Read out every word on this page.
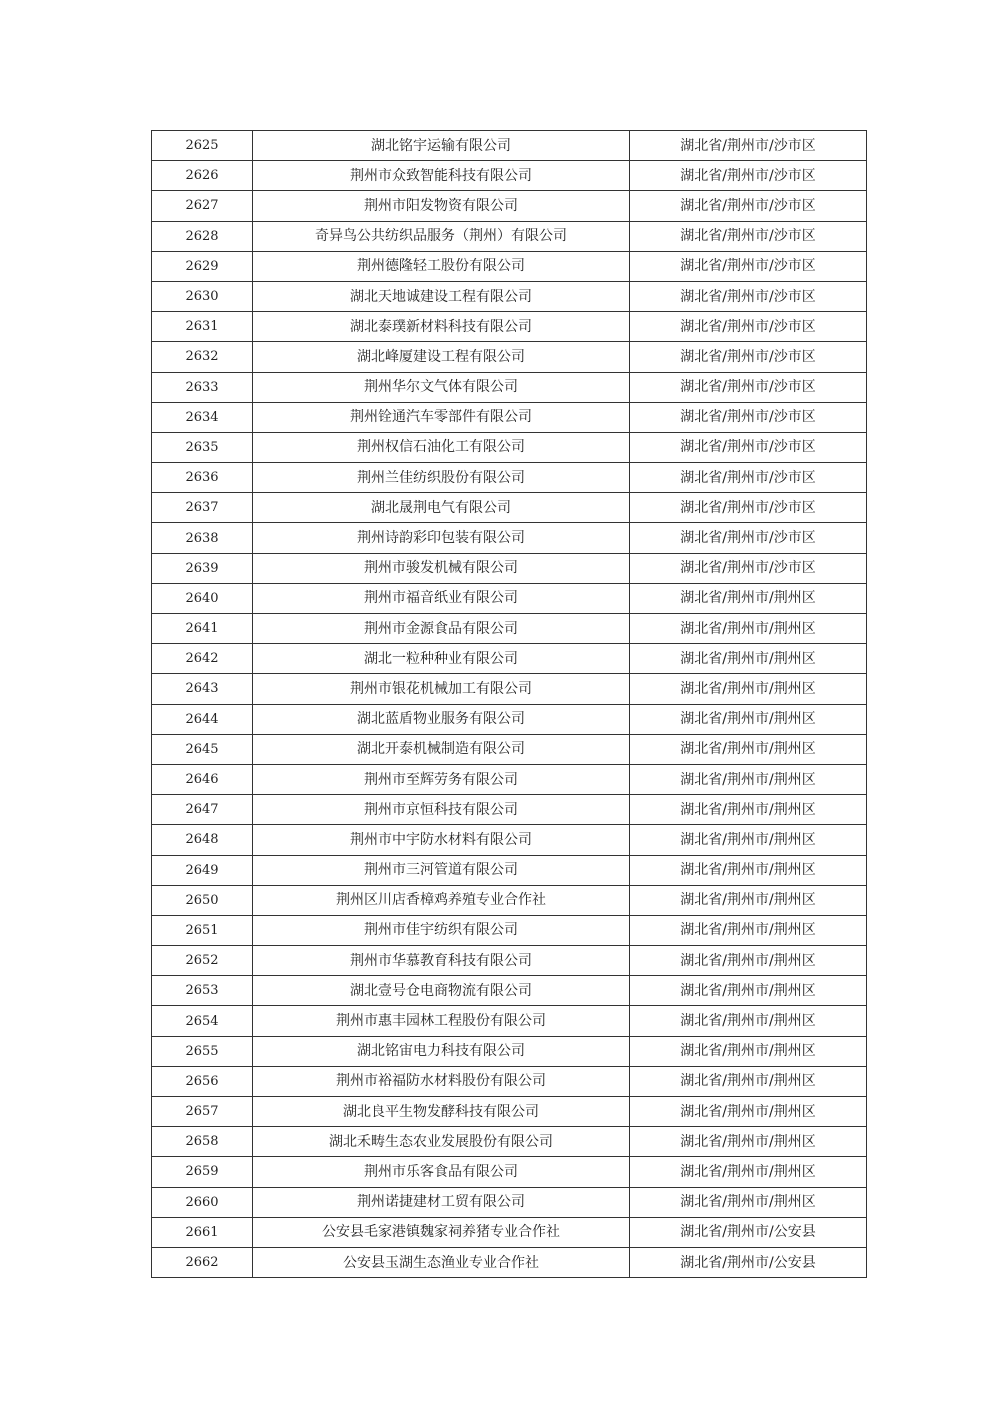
2625	湖北铭宇运输有限公司	湖北省/荆州市/沙市区
2626	荆州市众致智能科技有限公司	湖北省/荆州市/沙市区
2627	荆州市阳发物资有限公司	湖北省/荆州市/沙市区
2628	奇异鸟公共纺织品服务（荆州）有限公司	湖北省/荆州市/沙市区
2629	荆州德隆轻工股份有限公司	湖北省/荆州市/沙市区
2630	湖北天地诚建设工程有限公司	湖北省/荆州市/沙市区
2631	湖北泰璞新材料科技有限公司	湖北省/荆州市/沙市区
2632	湖北峰厦建设工程有限公司	湖北省/荆州市/沙市区
2633	荆州华尔文气体有限公司	湖北省/荆州市/沙市区
2634	荆州铨通汽车零部件有限公司	湖北省/荆州市/沙市区
2635	荆州权信石油化工有限公司	湖北省/荆州市/沙市区
2636	荆州兰佳纺织股份有限公司	湖北省/荆州市/沙市区
2637	湖北晟荆电气有限公司	湖北省/荆州市/沙市区
2638	荆州诗韵彩印包装有限公司	湖北省/荆州市/沙市区
2639	荆州市骏发机械有限公司	湖北省/荆州市/沙市区
2640	荆州市福音纸业有限公司	湖北省/荆州市/荆州区
2641	荆州市金源食品有限公司	湖北省/荆州市/荆州区
2642	湖北一粒种种业有限公司	湖北省/荆州市/荆州区
2643	荆州市银花机械加工有限公司	湖北省/荆州市/荆州区
2644	湖北蓝盾物业服务有限公司	湖北省/荆州市/荆州区
2645	湖北开泰机械制造有限公司	湖北省/荆州市/荆州区
2646	荆州市至辉劳务有限公司	湖北省/荆州市/荆州区
2647	荆州市京恒科技有限公司	湖北省/荆州市/荆州区
2648	荆州市中宇防水材料有限公司	湖北省/荆州市/荆州区
2649	荆州市三河管道有限公司	湖北省/荆州市/荆州区
2650	荆州区川店香樟鸡养殖专业合作社	湖北省/荆州市/荆州区
2651	荆州市佳宇纺织有限公司	湖北省/荆州市/荆州区
2652	荆州市华慕教育科技有限公司	湖北省/荆州市/荆州区
2653	湖北壹号仓电商物流有限公司	湖北省/荆州市/荆州区
2654	荆州市惠丰园林工程股份有限公司	湖北省/荆州市/荆州区
2655	湖北铭宙电力科技有限公司	湖北省/荆州市/荆州区
2656	荆州市裕福防水材料股份有限公司	湖北省/荆州市/荆州区
2657	湖北良平生物发酵科技有限公司	湖北省/荆州市/荆州区
2658	湖北禾畴生态农业发展股份有限公司	湖北省/荆州市/荆州区
2659	荆州市乐客食品有限公司	湖北省/荆州市/荆州区
2660	荆州诺捷建材工贸有限公司	湖北省/荆州市/荆州区
2661	公安县毛家港镇魏家祠养猪专业合作社	湖北省/荆州市/公安县
2662	公安县玉湖生态渔业专业合作社	湖北省/荆州市/公安县
